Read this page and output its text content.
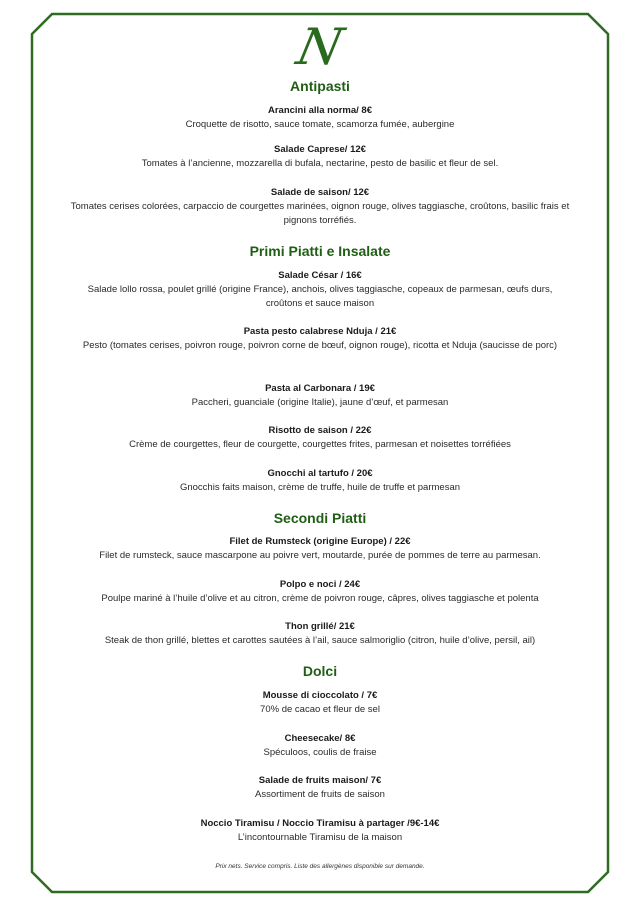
N
Antipasti
Arancini alla norma/ 8€
Croquette de risotto, sauce tomate, scamorza fumée, aubergine
Salade Caprese/ 12€
Tomates à l’ancienne, mozzarella di bufala, nectarine, pesto de basilic et fleur de sel.
Salade de saison/ 12€
Tomates cerises colorées, carpaccio de courgettes marinées, oignon rouge, olives taggiasche, croûtons, basilic frais et pignons torréfiés.
Primi Piatti e Insalate
Salade César / 16€
Salade lollo rossa, poulet grillé (origine France), anchois, olives taggiasche, copeaux de parmesan, œufs durs, croûtons et sauce maison
Pasta pesto calabrese Nduja / 21€
Pesto (tomates cerises, poivron rouge, poivron corne de bœuf, oignon rouge), ricotta et Nduja (saucisse de porc)
Pasta al Carbonara / 19€
Paccheri, guanciale (origine Italie), jaune d’œuf, et parmesan
Risotto de saison / 22€
Crème de courgettes, fleur de courgette, courgettes frites, parmesan et noisettes torréfiées
Gnocchi al tartufo / 20€
Gnocchis faits maison, crème de truffe, huile de truffe et parmesan
Secondi Piatti
Filet de Rumsteck (origine Europe) / 22€
Filet de rumsteck, sauce mascarpone au poivre vert, moutarde, purée de pommes de terre au parmesan.
Polpo e noci / 24€
Poulpe mariné à l’huile d’olive et au citron, crème de poivron rouge, câpres, olives taggiasche et polenta
Thon grillé/ 21€
Steak de thon grillé, blettes et carottes sautées à l’ail, sauce salmoriglio (citron, huile d’olive, persil, ail)
Dolci
Mousse di cioccolato / 7€
70% de cacao et fleur de sel
Cheesecake/ 8€
Spéculoos, coulis de fraise
Salade de fruits maison/ 7€
Assortiment de fruits de saison
Noccio Tiramisu / Noccio Tiramisu à partager /9€-14€
L’incontournable Tiramisu de la maison
Prix nets. Service compris. Liste des allergènes disponible sur demande.
